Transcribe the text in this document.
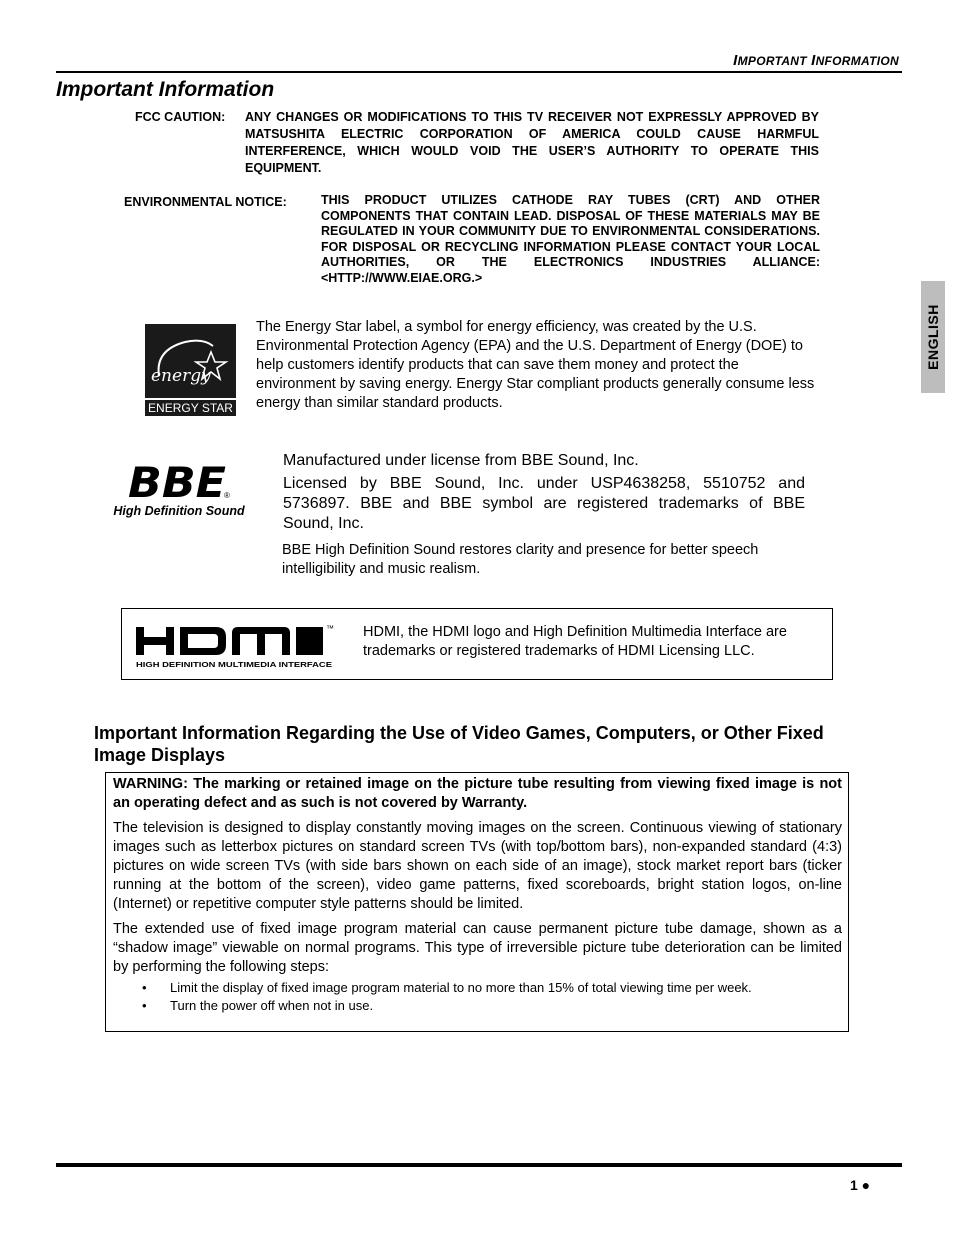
IMPORTANT INFORMATION
Important Information
ENGLISH
FCC CAUTION: ANY CHANGES OR MODIFICATIONS TO THIS TV RECEIVER NOT EXPRESSLY APPROVED BY MATSUSHITA ELECTRIC CORPORATION OF AMERICA COULD CAUSE HARMFUL INTERFERENCE, WHICH WOULD VOID THE USER’S AUTHORITY TO OPERATE THIS EQUIPMENT.
ENVIRONMENTAL NOTICE:	THIS PRODUCT UTILIZES CATHODE RAY TUBES (CRT) AND OTHER COMPONENTS THAT CONTAIN LEAD. DISPOSAL OF THESE MATERIALS MAY BE REGULATED IN YOUR COMMUNITY DUE TO ENVIRONMENTAL CONSIDERATIONS. FOR DISPOSAL OR RECYCLING INFORMATION PLEASE CONTACT YOUR LOCAL AUTHORITIES, OR THE ELECTRONICS INDUSTRIES ALLIANCE: <HTTP://WWW.EIAE.ORG.>
energy
ENERGY STAR
The Energy Star label, a symbol for energy efficiency, was created by the U.S. Environmental Protection Agency (EPA) and the U.S. Department of Energy (DOE) to help customers identify products that can save them money and protect the environment by saving energy. Energy Star compliant products generally consume less energy than similar standard products.
BBE
®
High Definition Sound
Manufactured under license from BBE Sound, Inc.
Licensed by BBE Sound, Inc. under USP4638258, 5510752 and 5736897. BBE and BBE symbol are registered trademarks of BBE Sound, Inc.
BBE High Definition Sound restores clarity and presence for better speech intelligibility and music realism.
™
HIGH DEFINITION MULTIMEDIA INTERFACE
HDMI, the HDMI logo and High Definition Multimedia Interface are trademarks or registered trademarks of HDMI Licensing LLC.
Important Information Regarding the Use of Video Games, Computers, or Other Fixed Image Displays

WARNING: The marking or retained image on the picture tube resulting from viewing fixed image is not an operating defect and as such is not covered by Warranty.

The television is designed to display constantly moving images on the screen. Continuous viewing of stationary images such as letterbox pictures on standard screen TVs (with top/bottom bars), non-expanded standard (4:3) pictures on wide screen TVs (with side bars shown on each side of an image), stock market report bars (ticker running at the bottom of the screen), video game patterns, fixed scoreboards, bright station logos, on-line (Internet) or repetitive computer style patterns should be limited.

The extended use of fixed image program material can cause permanent picture tube damage, shown as a “shadow image” viewable on normal programs. This type of irreversible picture tube deterioration can be limited by performing the following steps:

• Limit the display of fixed image program material to no more than 15% of total viewing time per week.
• Turn the power off when not in use.
1 ●
